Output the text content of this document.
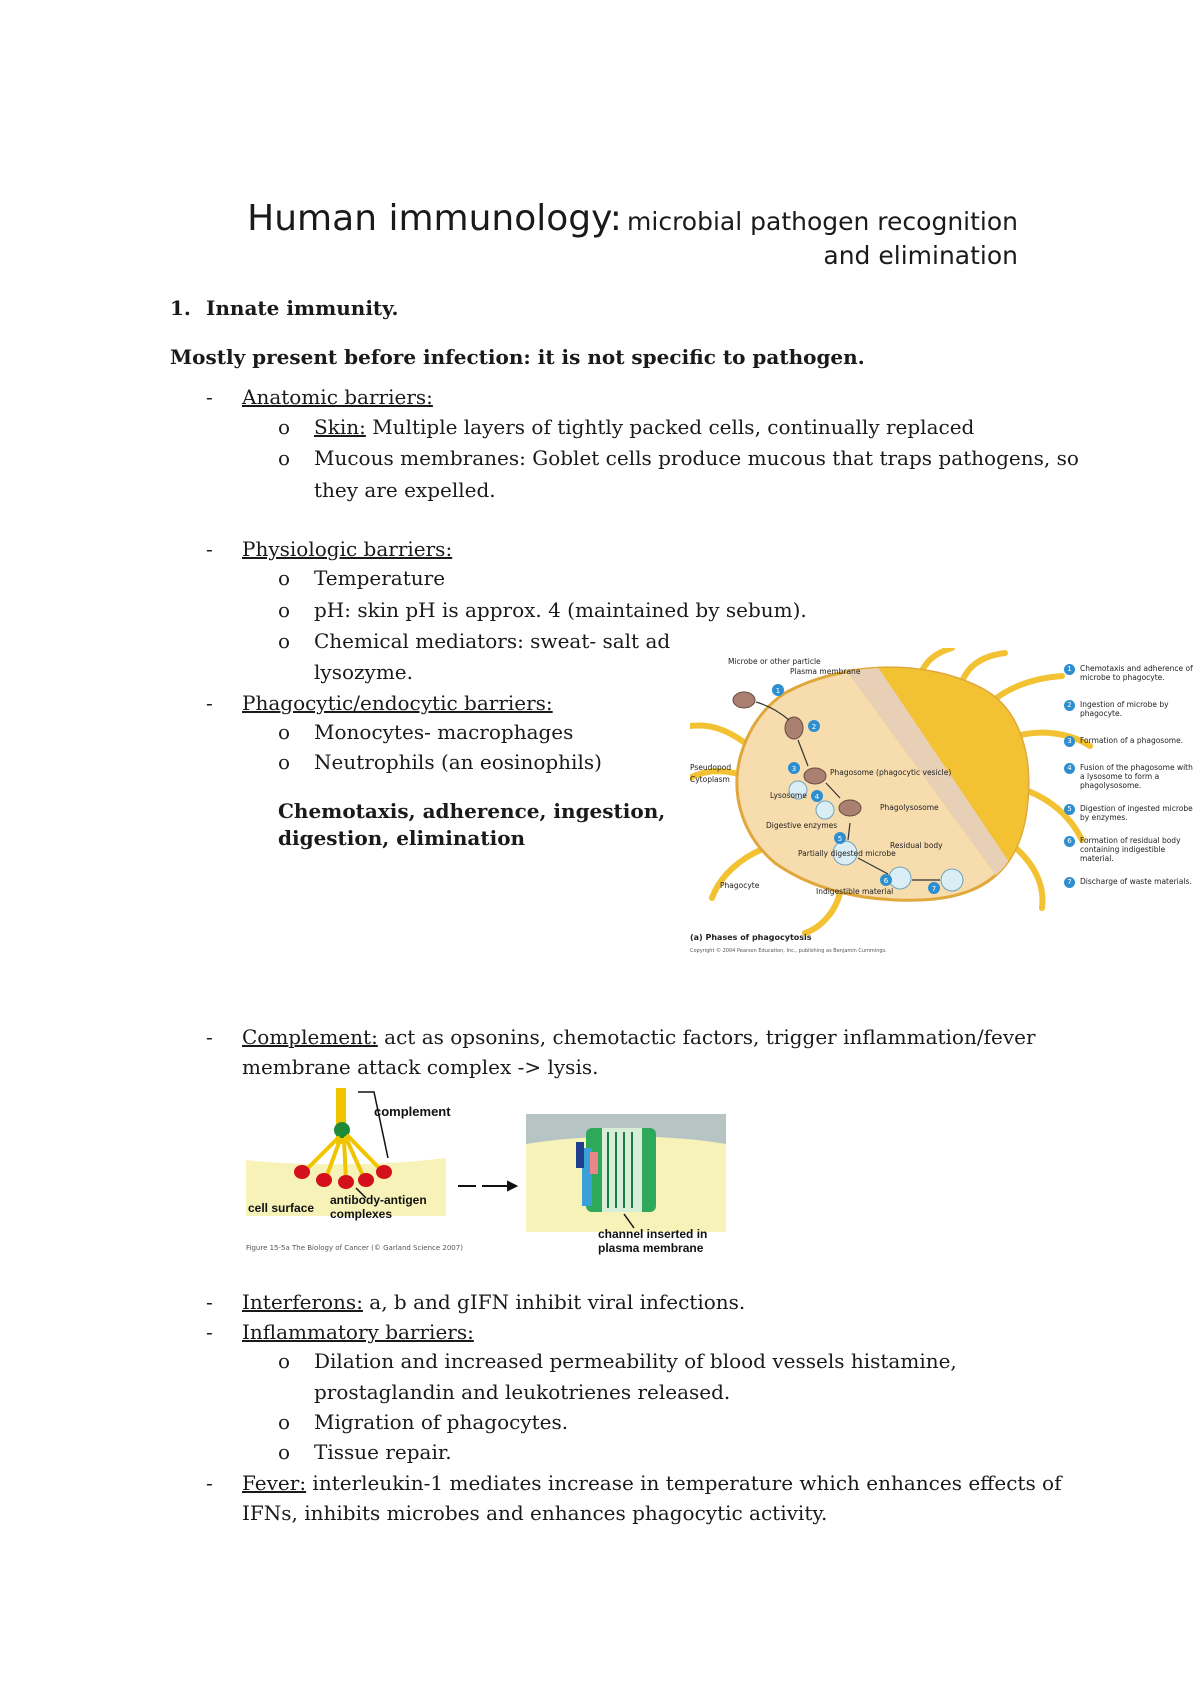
Human immunology: microbial pathogen recognition
and elimination
1. Innate immunity.
Mostly present before infection: it is not specific to pathogen.
- Anatomic barriers:
o Skin: Multiple layers of tightly packed cells, continually replaced
o Mucous membranes: Goblet cells produce mucous that traps pathogens, so
they are expelled.
- Physiologic barriers:
o Temperature
o pH: skin pH is approx. 4 (maintained by sebum).
o Chemical mediators: sweat- salt ad
lysozyme.
- Phagocytic/endocytic barriers:
o Monocytes- macrophages
o Neutrophils (an eosinophils)
Chemotaxis, adherence, ingestion,
digestion, elimination
1
2
3
4
5
6
7
Microbe or other particle
Plasma membrane
Pseudopod
Cytoplasm
Phagosome (phagocytic vesicle)
Lysosome
Phagolysosome
Digestive enzymes
Partially digested microbe
Residual body
Indigestible material
Phagocyte
(a) Phases of phagocytosis
Copyright © 2004 Pearson Education, Inc., publishing as Benjamin Cummings.
1	Chemotaxis and adherence of microbe to phagocyte.
2	Ingestion of microbe by phagocyte.
3	Formation of a phagosome.
4	Fusion of the phagosome with a lysosome to form a phagolysosome.
5	Digestion of ingested microbe by enzymes.
6	Formation of residual body containing indigestible material.
7	Discharge of waste materials.
- Complement: act as opsonins, chemotactic factors, trigger inflammation/fever
membrane attack complex -> lysis.
complement
cell surface
antibody-antigen
complexes
channel inserted in
plasma membrane
Figure 15-5a The Biology of Cancer (© Garland Science 2007)
- Interferons: a, b and gIFN inhibit viral infections.
- Inflammatory barriers:
o Dilation and increased permeability of blood vessels histamine,
prostaglandin and leukotrienes released.
o Migration of phagocytes.
o Tissue repair.
- Fever: interleukin-1 mediates increase in temperature which enhances effects of
IFNs, inhibits microbes and enhances phagocytic activity.
